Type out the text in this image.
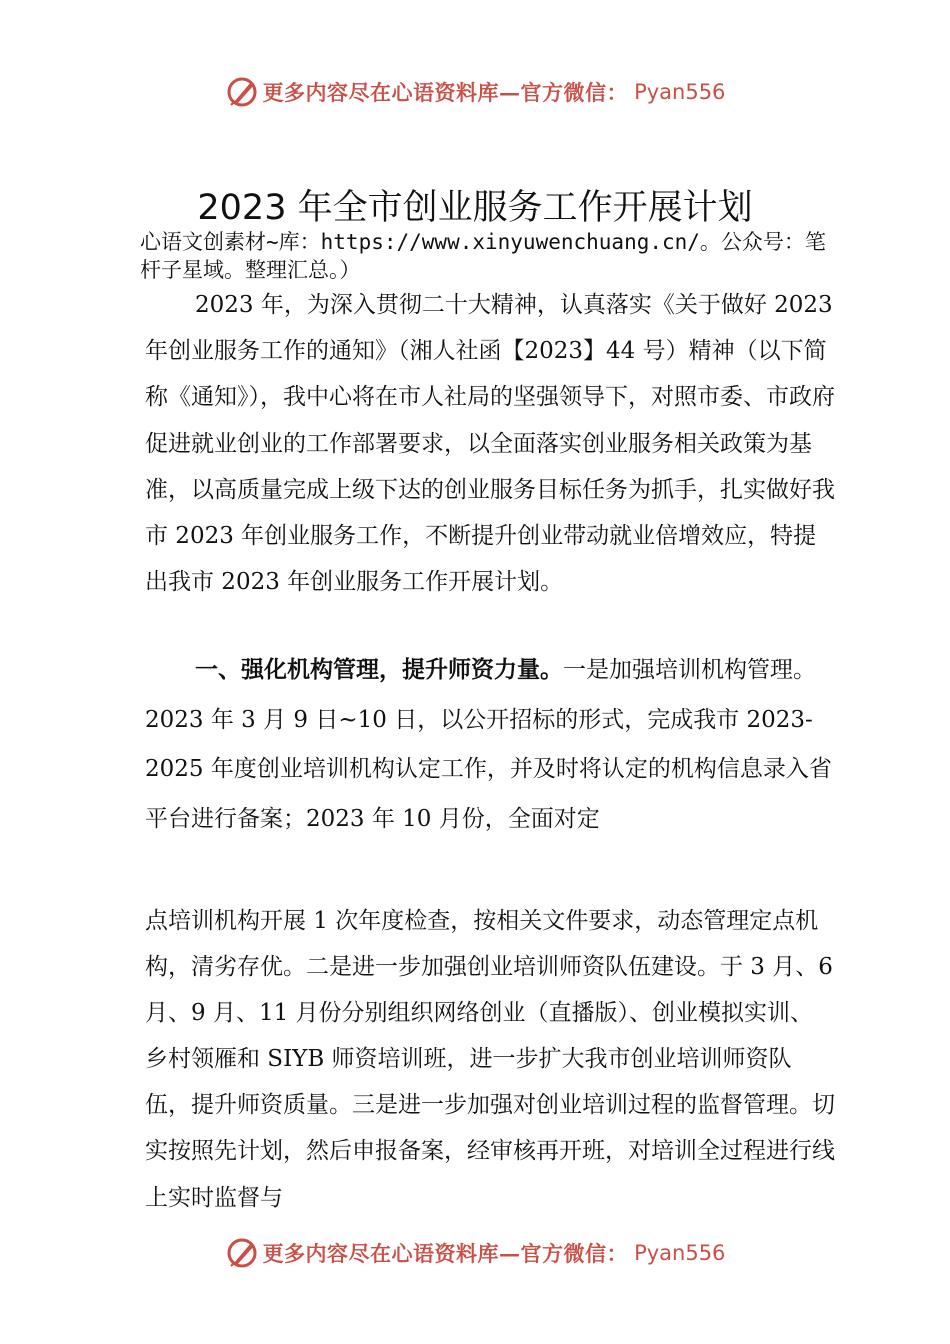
更多内容尽在心语资料库—官方微信： Pyan556
2023 年全市创业服务工作开展计划
心语文创素材~库：https://www.xinyuwenchuang.cn/。公众号：笔杆子星域。整理汇总。）

2023 年，为深入贯彻二十大精神，认真落实《关于做好 2023 年创业服务工作的通知》（湘人社函【2023】44 号）精神（以下简称《通知》），我中心将在市人社局的坚强领导下，对照市委、市政府促进就业创业的工作部署要求，以全面落实创业服务相关政策为基准，以高质量完成上级下达的创业服务目标任务为抓手，扎实做好我市 2023 年创业服务工作，不断提升创业带动就业倍增效应，特提出我市 2023 年创业服务工作开展计划。

一、强化机构管理，提升师资力量。一是加强培训机构管理。2023 年 3 月 9 日~10 日，以公开招标的形式，完成我市 2023-2025 年度创业培训机构认定工作，并及时将认定的机构信息录入省平台进行备案；2023 年 10 月份，全面对定

点培训机构开展 1 次年度检查，按相关文件要求，动态管理定点机构，清劣存优。二是进一步加强创业培训师资队伍建设。于 3 月、6 月、9 月、11 月份分别组织网络创业（直播版）、创业模拟实训、乡村领雁和 SIYB 师资培训班，进一步扩大我市创业培训师资队伍，提升师资质量。三是进一步加强对创业培训过程的监督管理。切实按照先计划，然后申报备案，经审核再开班，对培训全过程进行线上实时监督与

更多内容尽在心语资料库—官方微信： Pyan556
